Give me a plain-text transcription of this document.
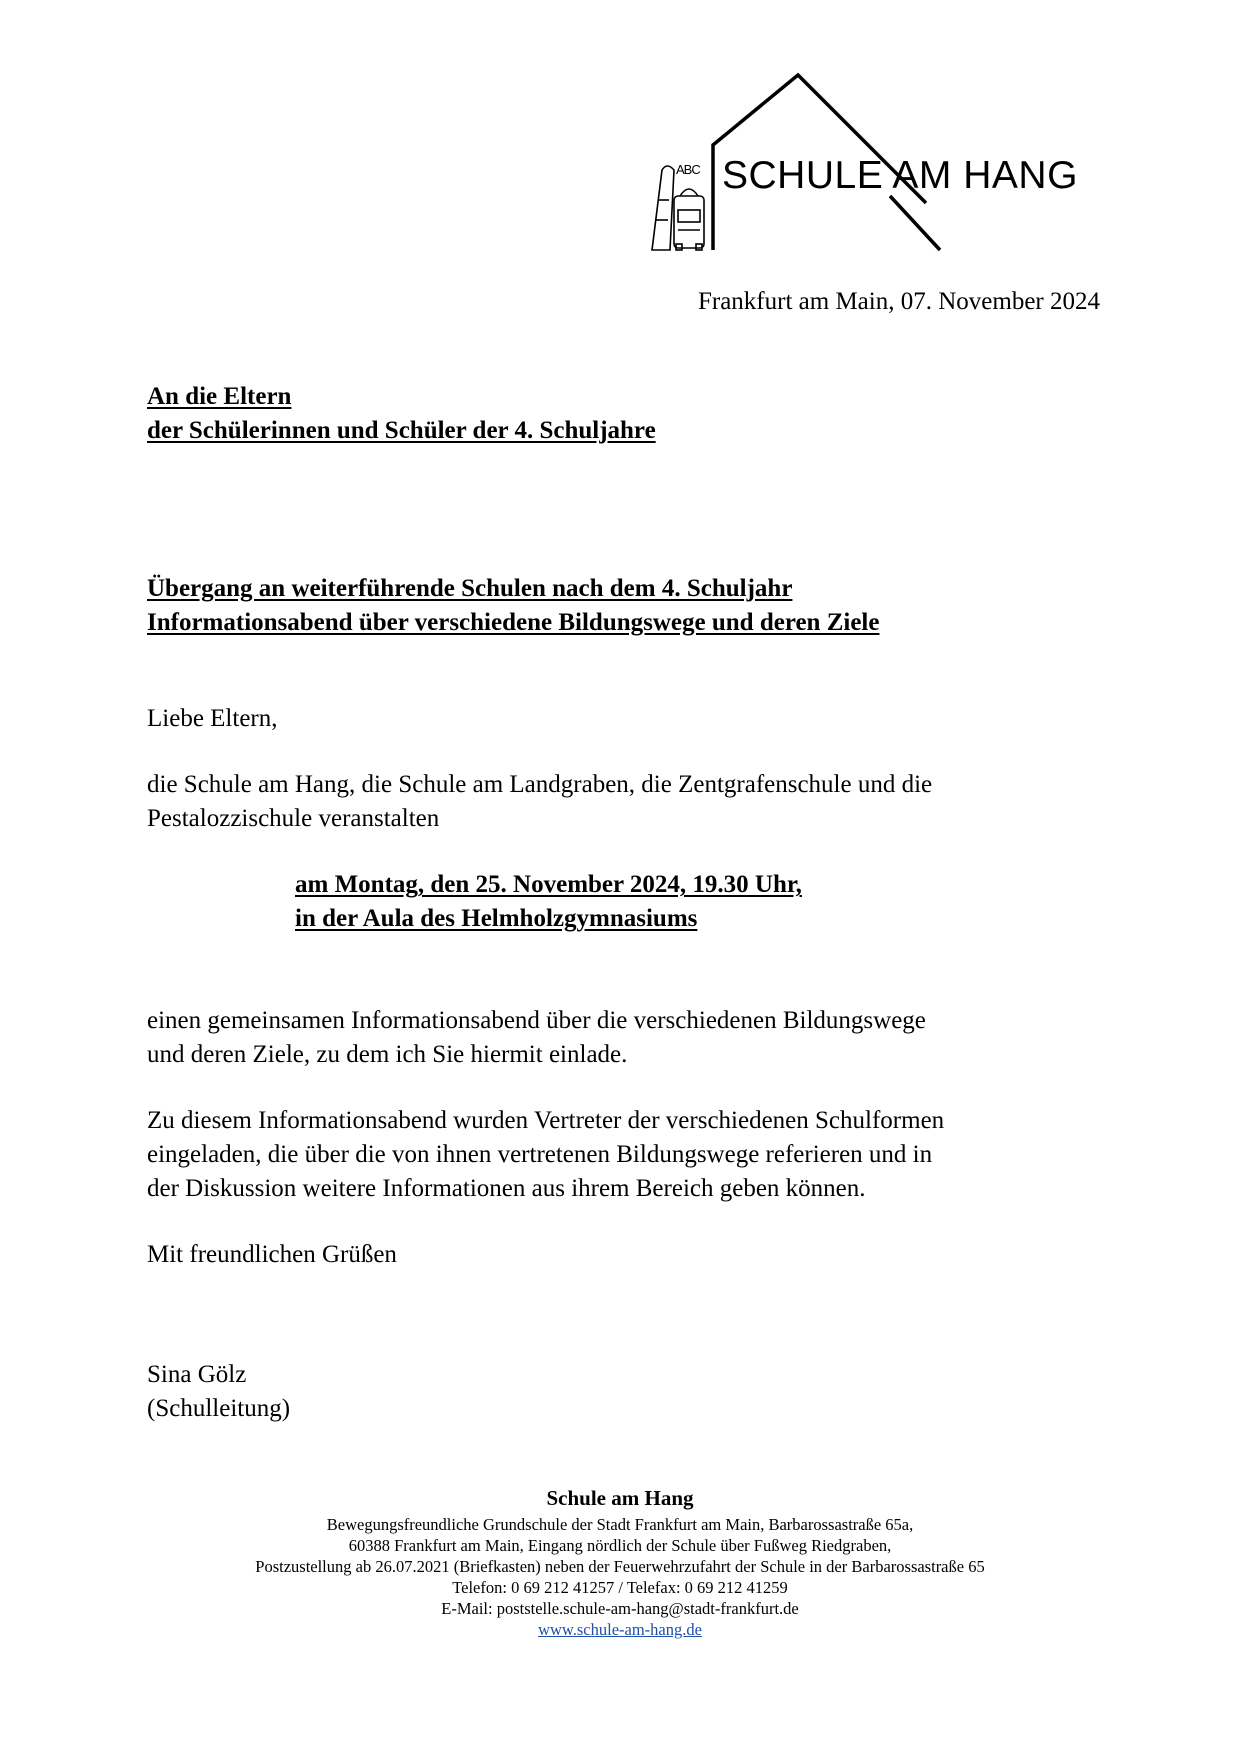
ABC SCHULE AM HANG
Frankfurt am Main, 07. November 2024
An die Eltern
der Schülerinnen und Schüler der 4. Schuljahre
Übergang an weiterführende Schulen nach dem 4. Schuljahr
Informationsabend über verschiedene Bildungswege und deren Ziele
Liebe Eltern,
die Schule am Hang, die Schule am Landgraben, die Zentgrafenschule und die
Pestalozzischule veranstalten
am Montag, den 25. November 2024, 19.30 Uhr,
in der Aula des Helmholzgymnasiums
einen gemeinsamen Informationsabend über die verschiedenen Bildungswege
und deren Ziele, zu dem ich Sie hiermit einlade.
Zu diesem Informationsabend wurden Vertreter der verschiedenen Schulformen
eingeladen, die über die von ihnen vertretenen Bildungswege referieren und in
der Diskussion weitere Informationen aus ihrem Bereich geben können.
Mit freundlichen Grüßen
Sina Gölz
(Schulleitung)
Schule am Hang
Bewegungsfreundliche Grundschule der Stadt Frankfurt am Main, Barbarossastraße 65a,
60388 Frankfurt am Main, Eingang nördlich der Schule über Fußweg Riedgraben,
Postzustellung ab 26.07.2021 (Briefkasten) neben der Feuerwehrzufahrt der Schule in der Barbarossastraße 65
Telefon: 0 69 212 41257 / Telefax: 0 69 212 41259
E-Mail: poststelle.schule-am-hang@stadt-frankfurt.de
www.schule-am-hang.de
